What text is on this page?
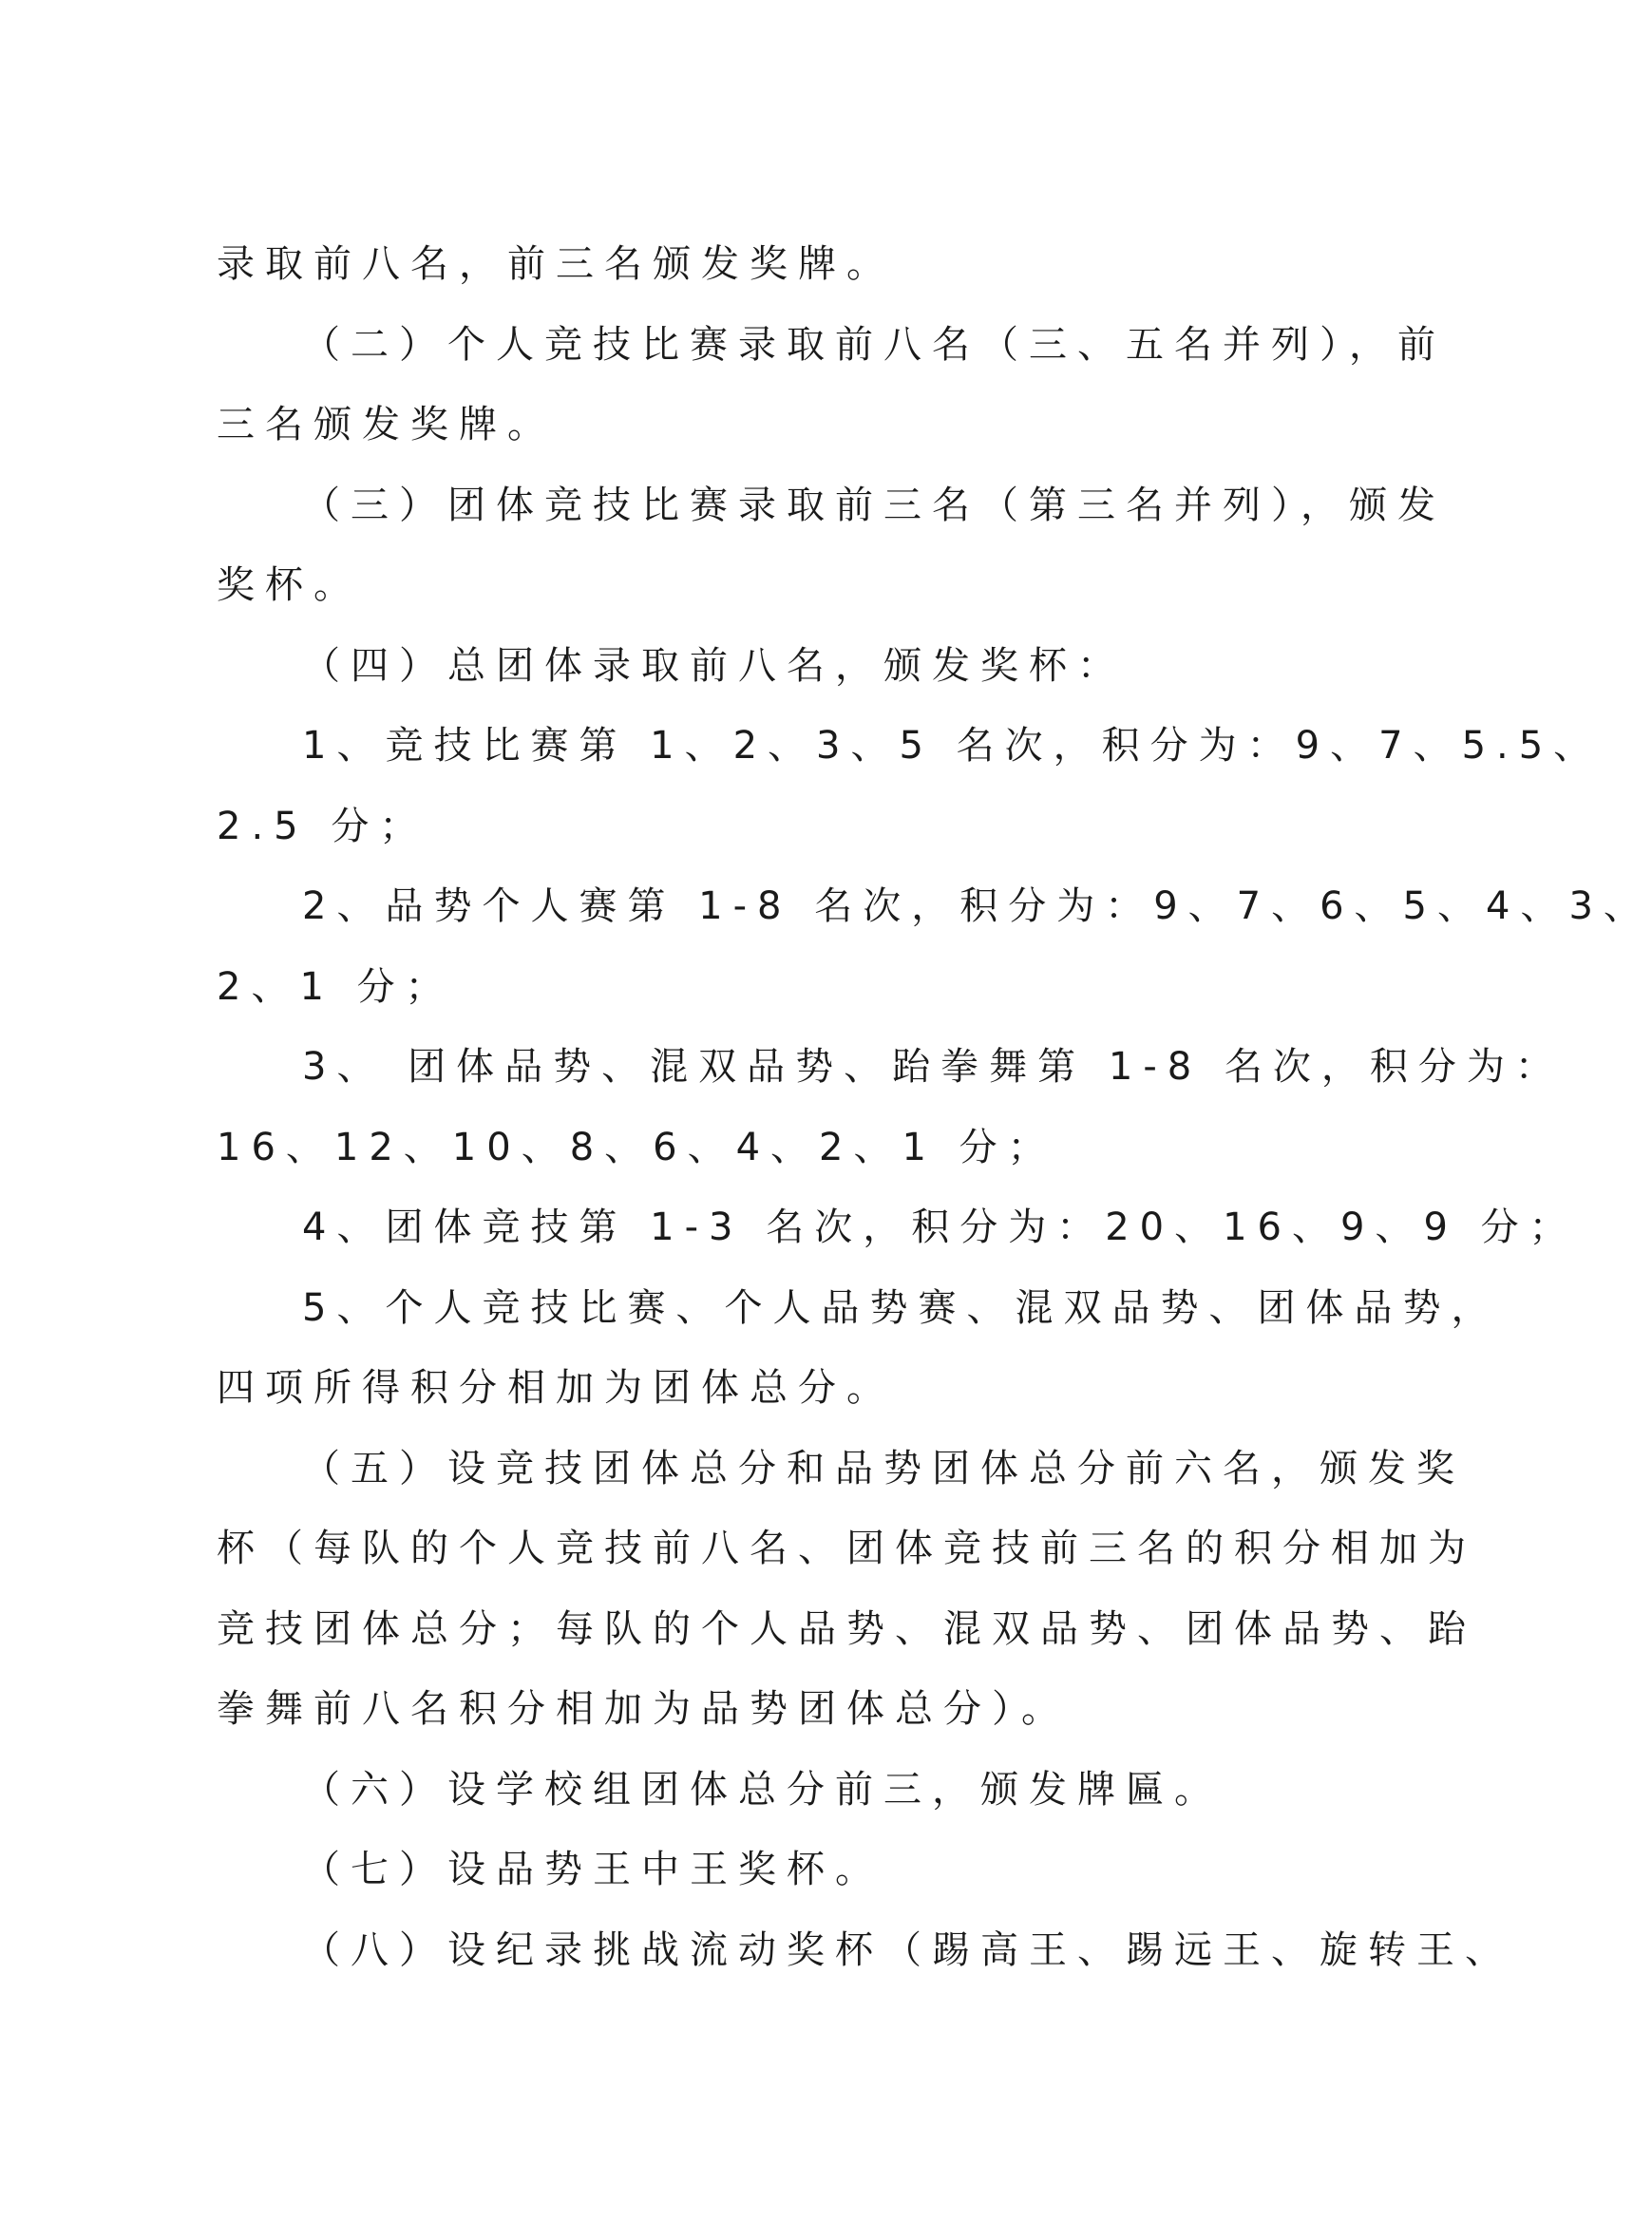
录取前八名，前三名颁发奖牌。
（二）个人竞技比赛录取前八名（三、五名并列），前
三名颁发奖牌。
（三）团体竞技比赛录取前三名（第三名并列），颁发
奖杯。
（四）总团体录取前八名，颁发奖杯：
1、竞技比赛第 1、2、3、5 名次，积分为：9、7、5.5、
2.5 分；
2、品势个人赛第 1-8 名次，积分为：9、7、6、5、4、3、
2、1 分；
3、 团体品势、混双品势、跆拳舞第 1-8 名次，积分为：
16、12、10、8、6、4、2、1 分；
4、团体竞技第 1-3 名次，积分为：20、16、9、9 分；
5、个人竞技比赛、个人品势赛、混双品势、团体品势，
四项所得积分相加为团体总分。
（五）设竞技团体总分和品势团体总分前六名，颁发奖
杯（每队的个人竞技前八名、团体竞技前三名的积分相加为
竞技团体总分；每队的个人品势、混双品势、团体品势、跆
拳舞前八名积分相加为品势团体总分）。
（六）设学校组团体总分前三，颁发牌匾。
（七）设品势王中王奖杯。
（八）设纪录挑战流动奖杯（踢高王、踢远王、旋转王、
